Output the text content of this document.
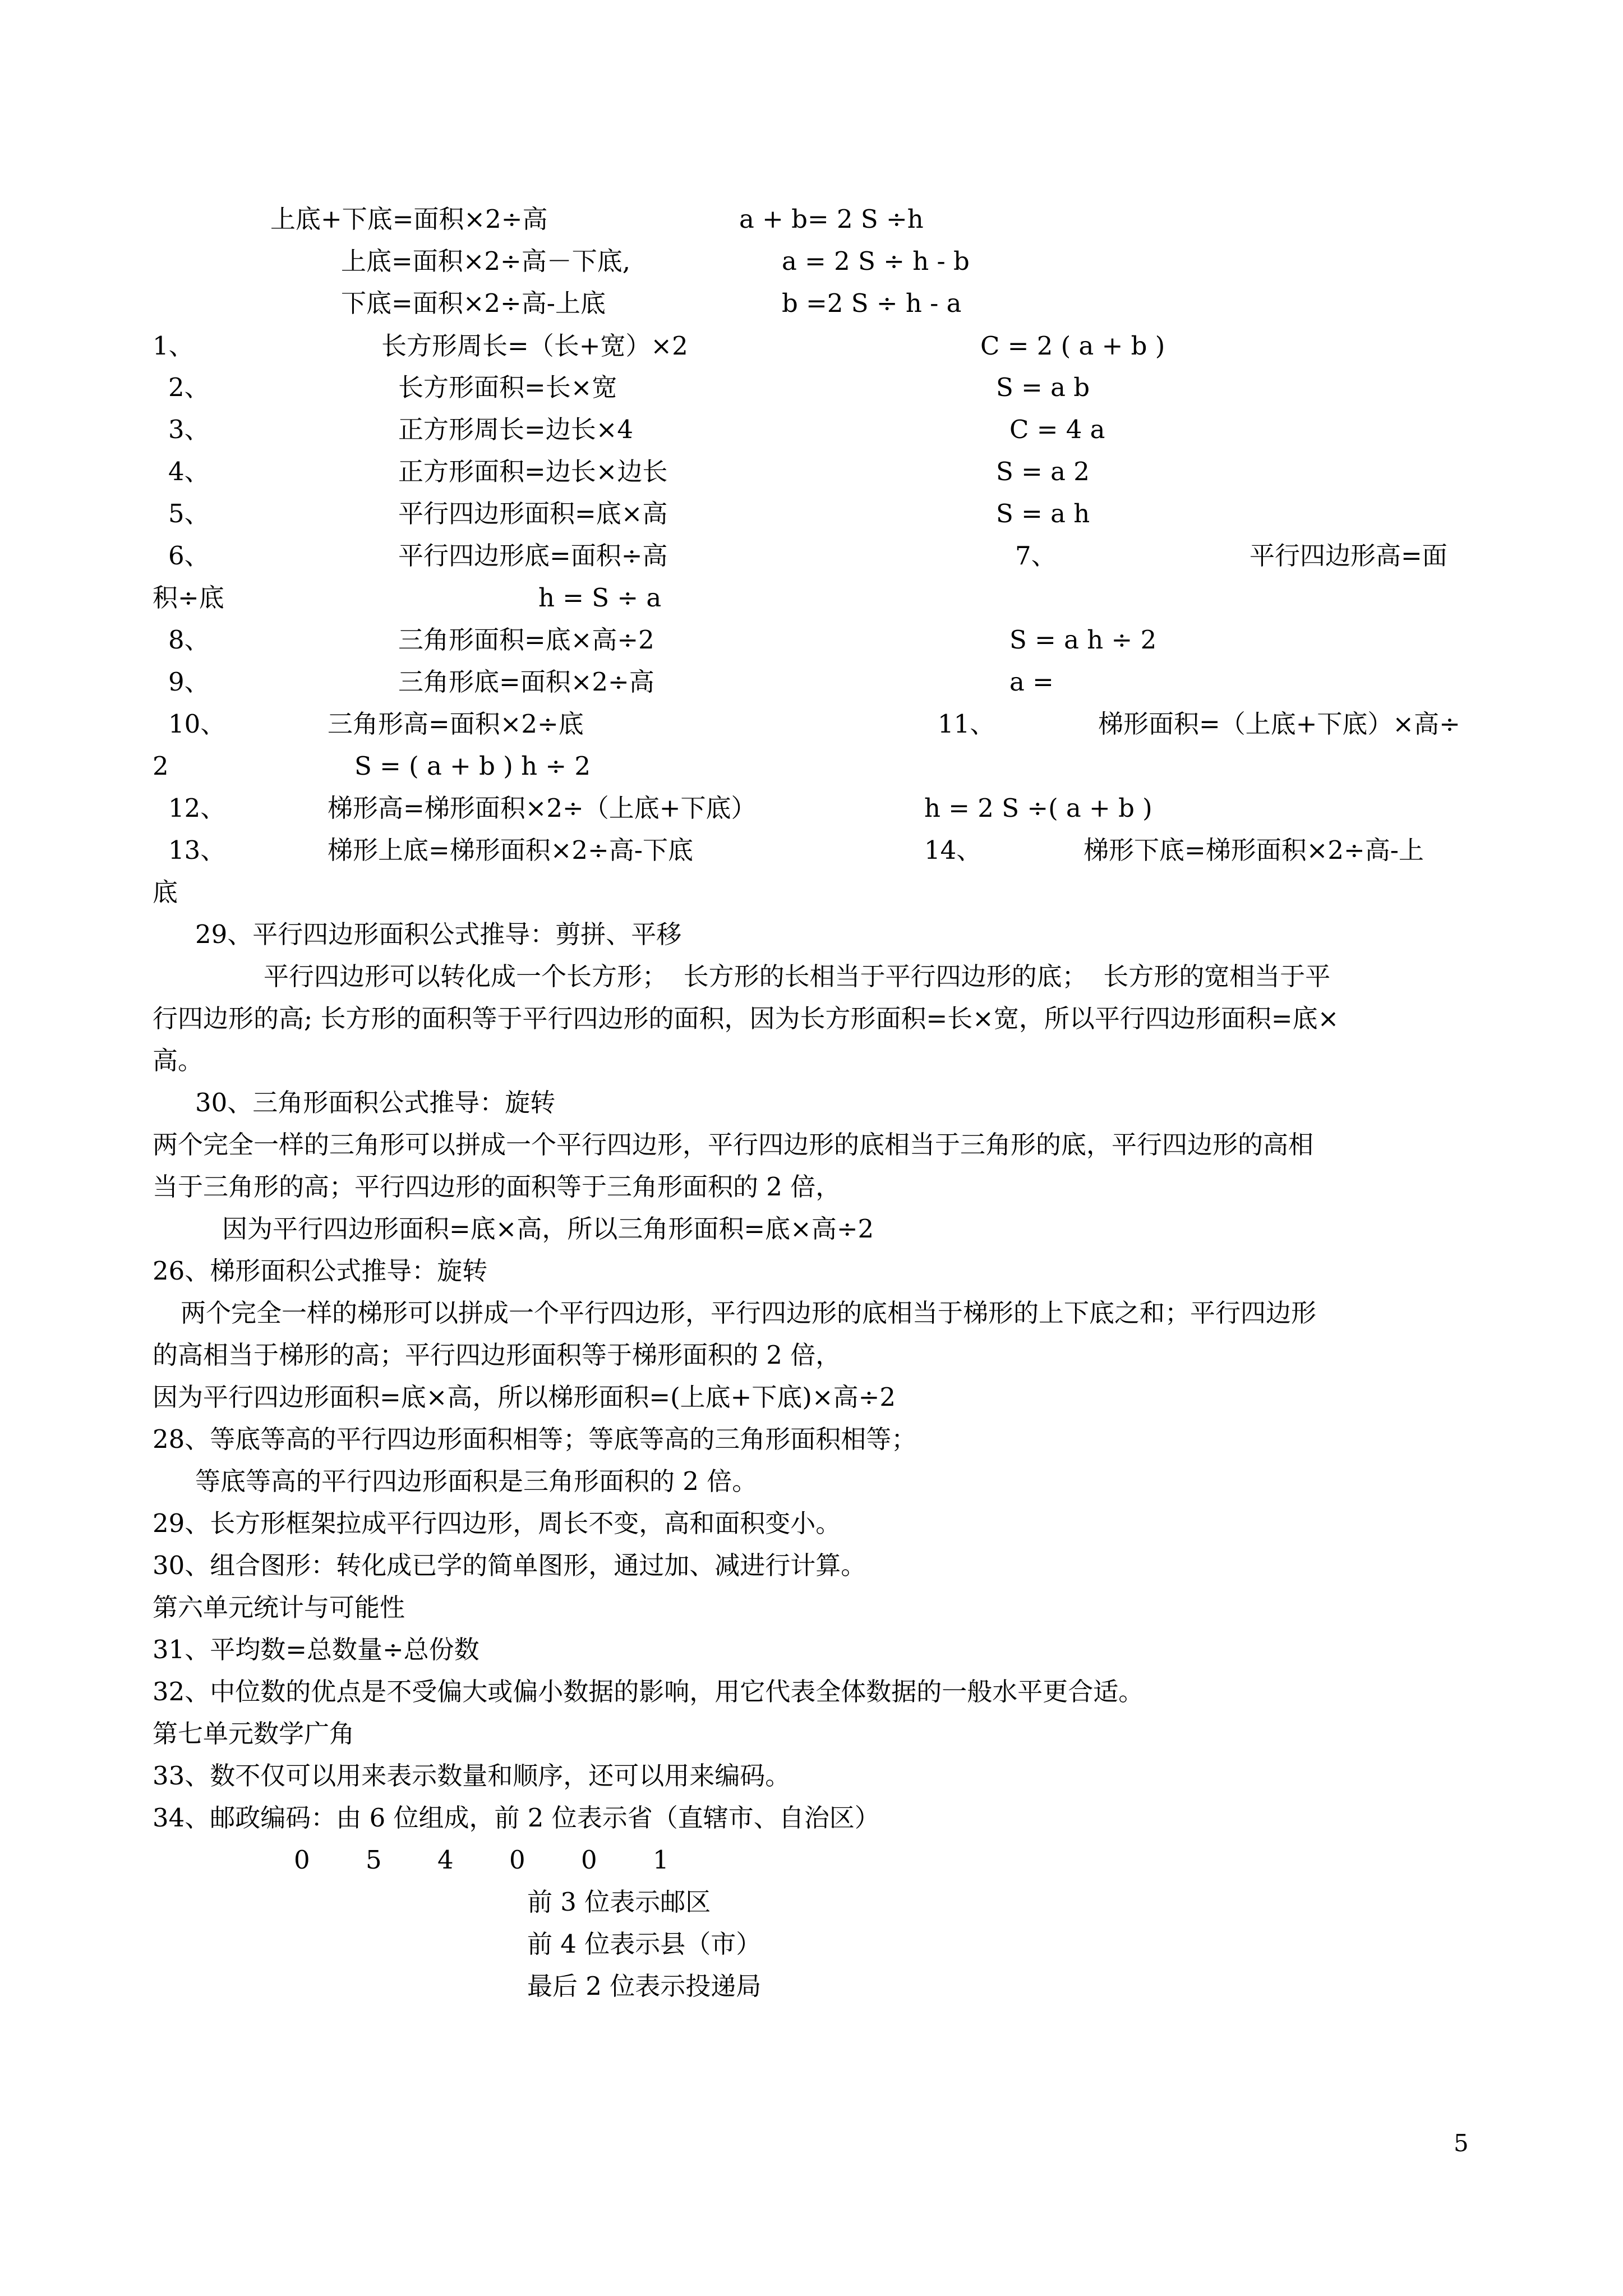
上底+下底=面积×2÷高	a + b= 2 S ÷h
上底=面积×2÷高－下底,	a = 2 S ÷ h - b
下底=面积×2÷高-上底	b =2 S ÷ h - a
1、	长方形周长=（长+宽）×2	C = 2 ( a + b )
2、	长方形面积=长×宽	S = a b
3、	正方形周长=边长×4	C = 4 a
4、	正方形面积=边长×边长	S = a 2
5、	平行四边形面积=底×高	S = a h
6、	平行四边形底=面积÷高	7、	平行四边形高=面
积÷底	h = S ÷ a
8、	三角形面积=底×高÷2	S = a h ÷ 2
9、	三角形底=面积×2÷高	a =
10、	三角形高=面积×2÷底	11、	梯形面积=（上底+下底）×高÷
2	S = ( a + b ) h ÷ 2
12、	梯形高=梯形面积×2÷（上底+下底）	h = 2 S ÷( a + b )
13、	梯形上底=梯形面积×2÷高-下底	14、	梯形下底=梯形面积×2÷高-上
底
29、平行四边形面积公式推导：剪拼、平移
平行四边形可以转化成一个长方形；  长方形的长相当于平行四边形的底；  长方形的宽相当于平
行四边形的高; 长方形的面积等于平行四边形的面积，因为长方形面积=长×宽，所以平行四边形面积=底×
高。
30、三角形面积公式推导：旋转
两个完全一样的三角形可以拼成一个平行四边形，平行四边形的底相当于三角形的底，平行四边形的高相
当于三角形的高；平行四边形的面积等于三角形面积的 2 倍，
因为平行四边形面积=底×高，所以三角形面积=底×高÷2
26、梯形面积公式推导：旋转
两个完全一样的梯形可以拼成一个平行四边形，平行四边形的底相当于梯形的上下底之和；平行四边形
的高相当于梯形的高；平行四边形面积等于梯形面积的 2 倍，
因为平行四边形面积=底×高，所以梯形面积=(上底+下底)×高÷2
28、等底等高的平行四边形面积相等；等底等高的三角形面积相等；
等底等高的平行四边形面积是三角形面积的 2 倍。
29、长方形框架拉成平行四边形，周长不变，高和面积变小。
30、组合图形：转化成已学的简单图形，通过加、减进行计算。
第六单元统计与可能性
31、平均数=总数量÷总份数
32、中位数的优点是不受偏大或偏小数据的影响，用它代表全体数据的一般水平更合适。
第七单元数学广角
33、数不仅可以用来表示数量和顺序，还可以用来编码。
34、邮政编码：由 6 位组成，前 2 位表示省（直辖市、自治区）
0 5 4 0 0 1
前 3 位表示邮区
前 4 位表示县（市）
最后 2 位表示投递局
5
